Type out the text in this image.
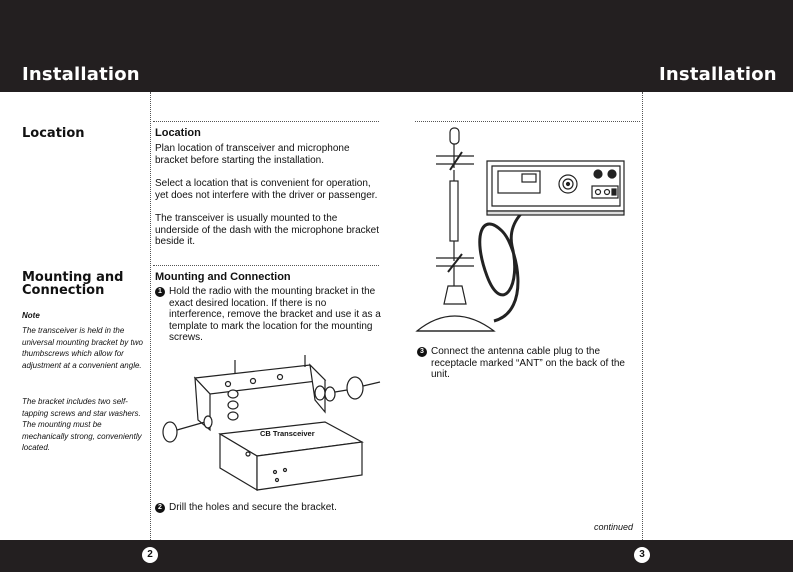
Installation	Installation
Location
Mounting and Connection
Note
The transceiver is held in the universal mounting bracket by two thumbscrews which allow for adjustment at a convenient angle.
The bracket includes two self-tapping screws and star washers. The mounting must be mechanically strong, conveniently located.
Location
Plan location of transceiver and microphone bracket before starting the installation.
Select a location that is convenient for operation, yet does not interfere with the driver or passenger.
The transceiver is usually mounted to the underside of the dash with the microphone bracket beside it.
Mounting and Connection
1 Hold the radio with the mounting bracket in the exact desired location. If there is no interference, remove the bracket and use it as a template to mark the location for the mounting screws.
CB Transceiver
2 Drill the holes and secure the bracket.
3 Connect the antenna cable plug to the receptacle marked “ANT” on the back of the unit.
continued
2	3
